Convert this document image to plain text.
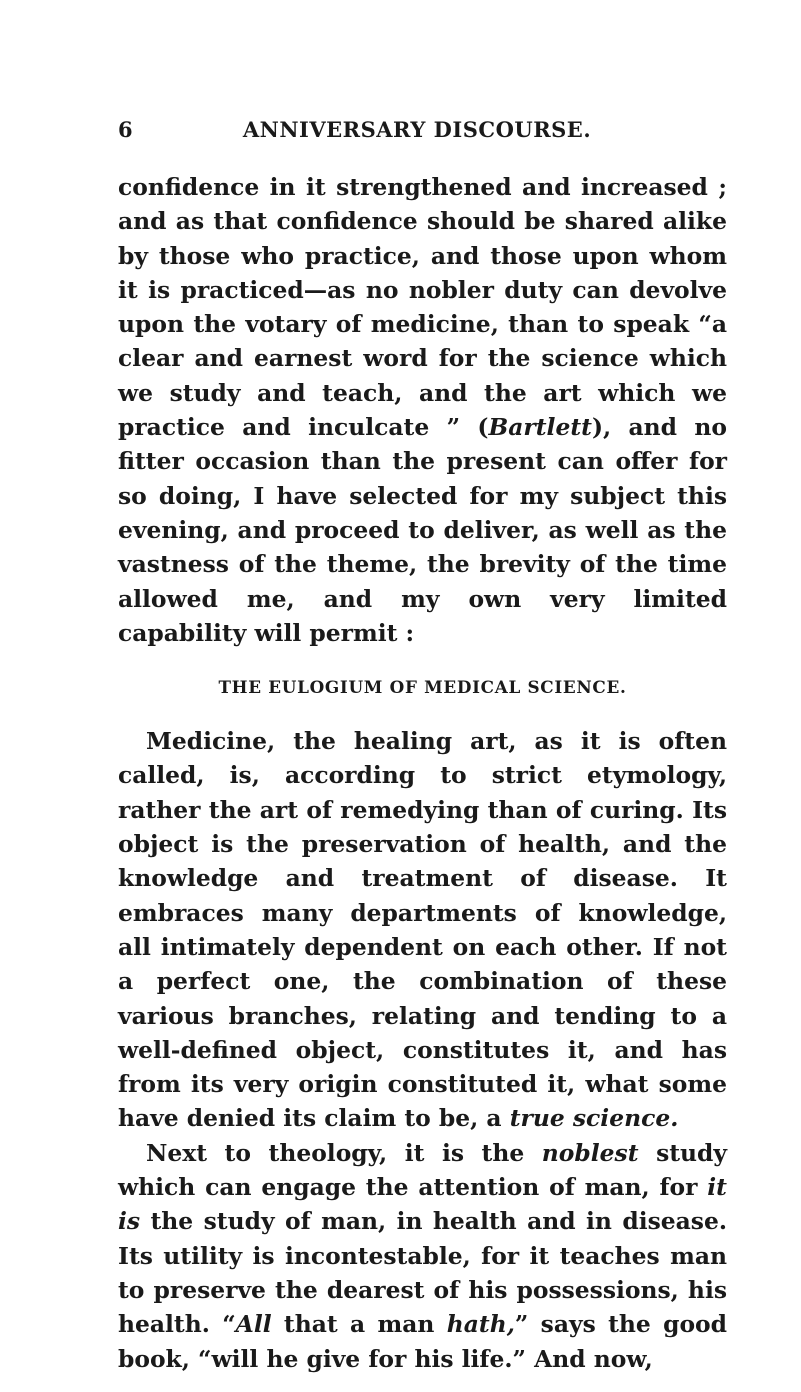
6	ANNIVERSARY DISCOURSE.

confidence in it strengthened and increased ; and as that confidence should be shared alike by those who practice, and those upon whom it is practiced—as no nobler duty can devolve upon the votary of medicine, than to speak “a clear and earnest word for the science which we study and teach, and the art which we practice and inculcate ” (Bartlett), and no fitter occasion than the present can offer for so doing, I have selected for my subject this evening, and proceed to deliver, as well as the vastness of the theme, the brevity of the time allowed me, and my own very limited capability will permit :

THE EULOGIUM OF MEDICAL SCIENCE.

Medicine, the healing art, as it is often called, is, according to strict etymology, rather the art of remedying than of curing. Its object is the preservation of health, and the knowledge and treatment of disease. It embraces many departments of knowledge, all intimately dependent on each other. If not a perfect one, the combination of these various branches, relating and tending to a well-defined object, constitutes it, and has from its very origin constituted it, what some have denied its claim to be, a true science.

Next to theology, it is the noblest study which can engage the attention of man, for it is the study of man, in health and in disease. Its utility is incontestable, for it teaches man to preserve the dearest of his possessions, his health. “All that a man hath,” says the good book, “will he give for his life.” And now,
